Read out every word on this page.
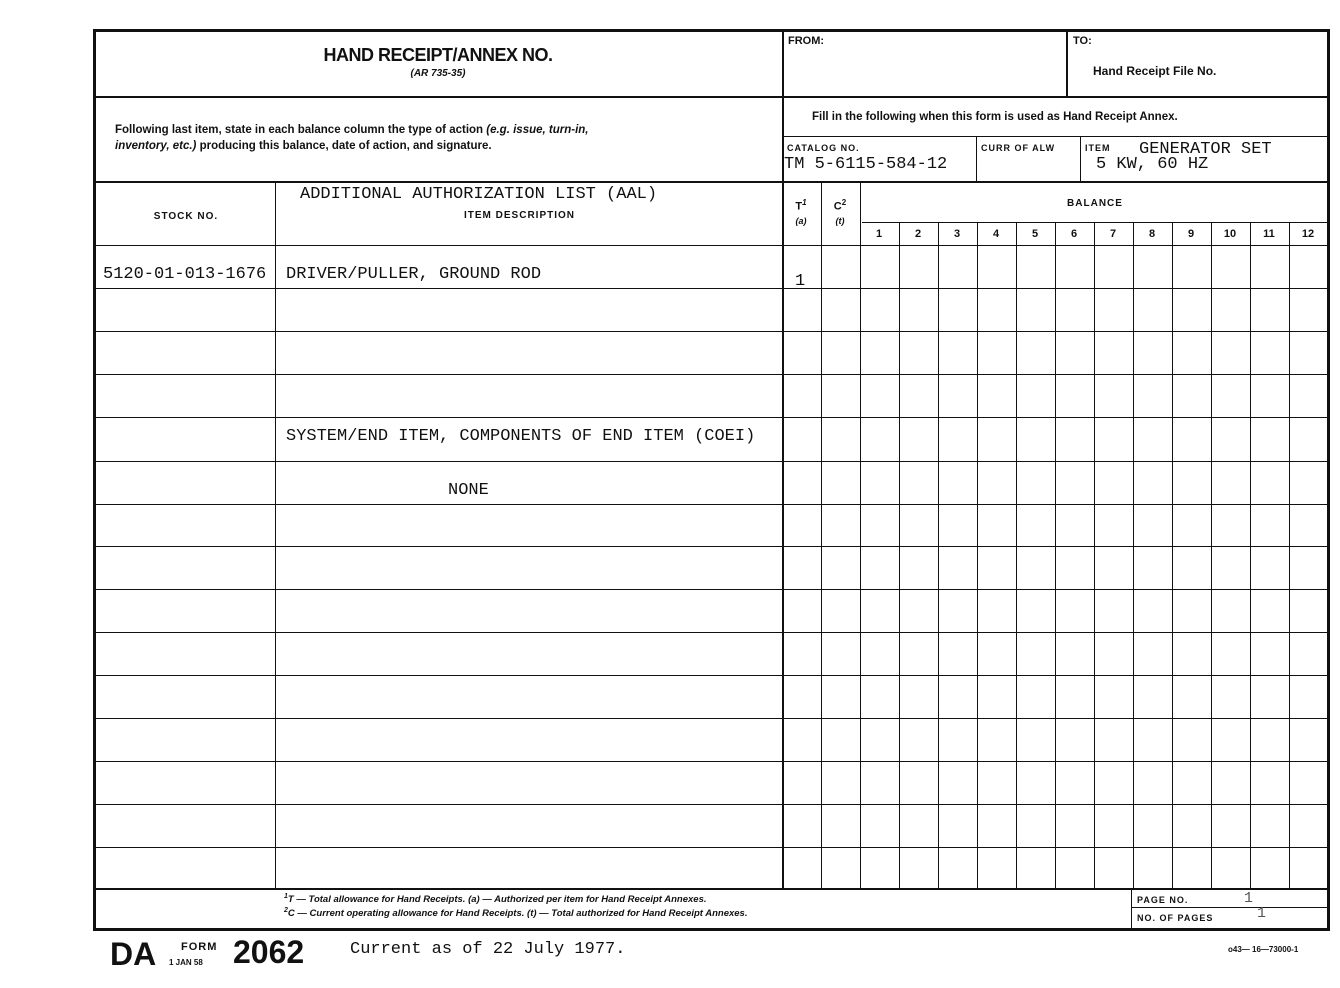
HAND RECEIPT/ANNEX NO.
(AR 735-35)
FROM:	TO:
Hand Receipt File No.
Following last item, state in each balance column the type of action (e.g. issue, turn-in,
inventory, etc.) producing this balance, date of action, and signature.
Fill in the following when this form is used as Hand Receipt Annex.
CATALOG NO.
TM 5-6115-584-12
CURR OF ALW	ITEM GENERATOR SET
5 KW, 60 HZ
STOCK NO.
ADDITIONAL AUTHORIZATION LIST (AAL)
ITEM DESCRIPTION
$T^1$
(a)
$C^2$
(t)
BALANCE
1	2	3	4	5	6	7	8	9	10	11	12
5120-01-013-1676 DRIVER/PULLER, GROUND ROD	1
SYSTEM/END ITEM, COMPONENTS OF END ITEM (COEI)
NONE
$^1$T — Total allowance for Hand Receipts. (a) — Authorized per item for Hand Receipt Annexes.
$^2$C — Current operating allowance for Hand Receipts. (t) — Total authorized for Hand Receipt Annexes.
PAGE NO.	1
NO. OF PAGES	1
DA FORM
1 JAN 58 2062	Current as of 22 July 1977.	o43— 16—73000-1
